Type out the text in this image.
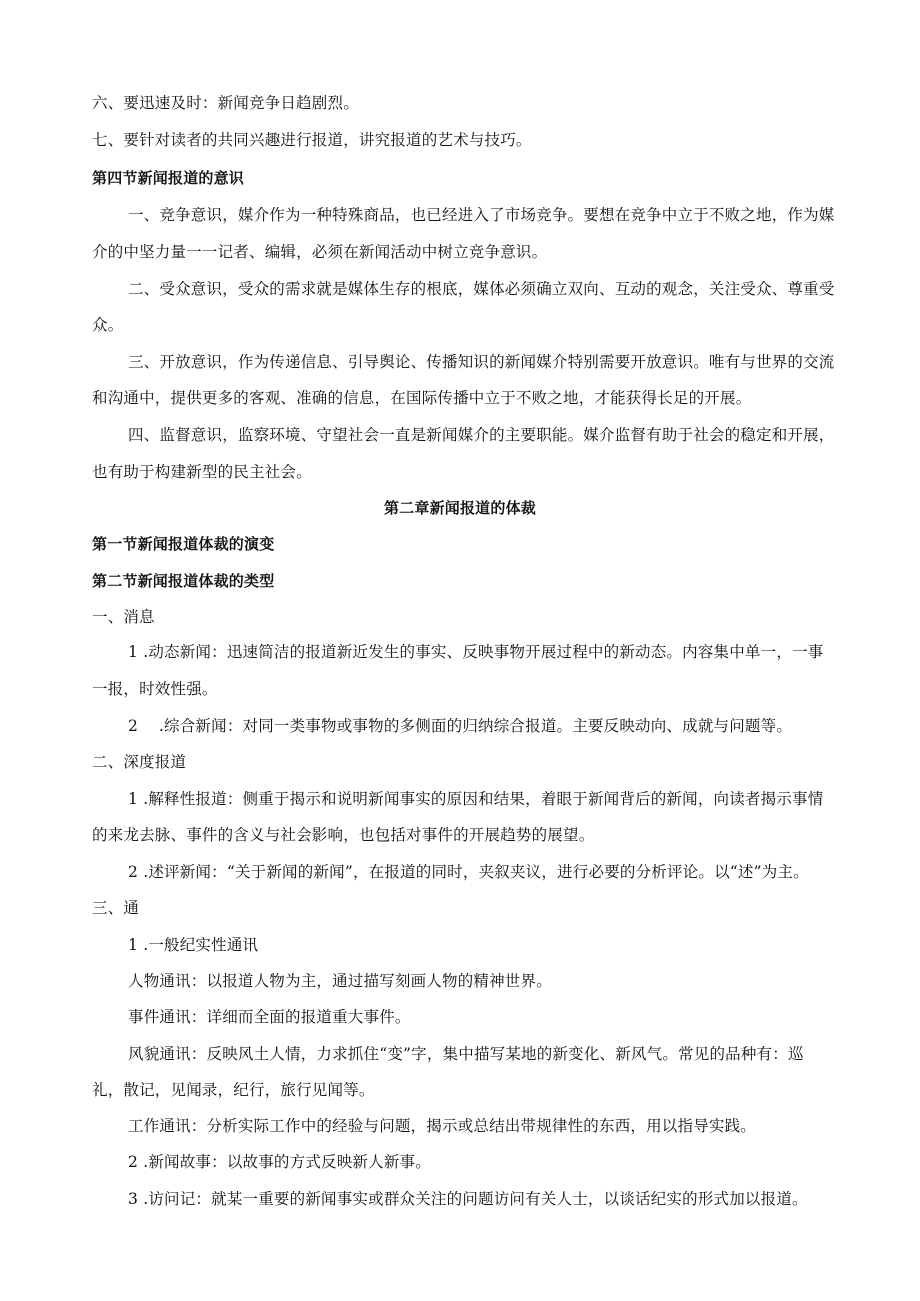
六、要迅速及时：新闻竞争日趋剧烈。
七、要针对读者的共同兴趣进行报道，讲究报道的艺术与技巧。
第四节新闻报道的意识
一、竞争意识，媒介作为一种特殊商品，也已经进入了市场竞争。要想在竞争中立于不败之地，作为媒
介的中坚力量一一记者、编辑，必须在新闻活动中树立竞争意识。
二、受众意识，受众的需求就是媒体生存的根底，媒体必须确立双向、互动的观念，关注受众、尊重受
众。
三、开放意识，作为传递信息、引导舆论、传播知识的新闻媒介特别需要开放意识。唯有与世界的交流
和沟通中，提供更多的客观、准确的信息，在国际传播中立于不败之地，才能获得长足的开展。
四、监督意识，监察环境、守望社会一直是新闻媒介的主要职能。媒介监督有助于社会的稳定和开展，
也有助于构建新型的民主社会。
第二章新闻报道的体裁
第一节新闻报道体裁的演变
第二节新闻报道体裁的类型
一、消息
1 .动态新闻：迅速简洁的报道新近发生的事实、反映事物开展过程中的新动态。内容集中单一，一事
一报，时效性强。
2　 .综合新闻：对同一类事物或事物的多侧面的归纳综合报道。主要反映动向、成就与问题等。
二、深度报道
1 .解释性报道：侧重于揭示和说明新闻事实的原因和结果，着眼于新闻背后的新闻，向读者揭示事情
的来龙去脉、事件的含义与社会影响，也包括对事件的开展趋势的展望。
2 .述评新闻：“关于新闻的新闻”，在报道的同时，夹叙夹议，进行必要的分析评论。以“述”为主。
三、通
1 .一般纪实性通讯
人物通讯：以报道人物为主，通过描写刻画人物的精神世界。
事件通讯：详细而全面的报道重大事件。
风貌通讯：反映风土人情，力求抓住“变”字，集中描写某地的新变化、新风气。常见的品种有：巡
礼，散记，见闻录，纪行，旅行见闻等。
工作通讯：分析实际工作中的经验与问题，揭示或总结出带规律性的东西，用以指导实践。
2 .新闻故事：以故事的方式反映新人新事。
3 .访问记：就某一重要的新闻事实或群众关注的问题访问有关人士，以谈话纪实的形式加以报道。
